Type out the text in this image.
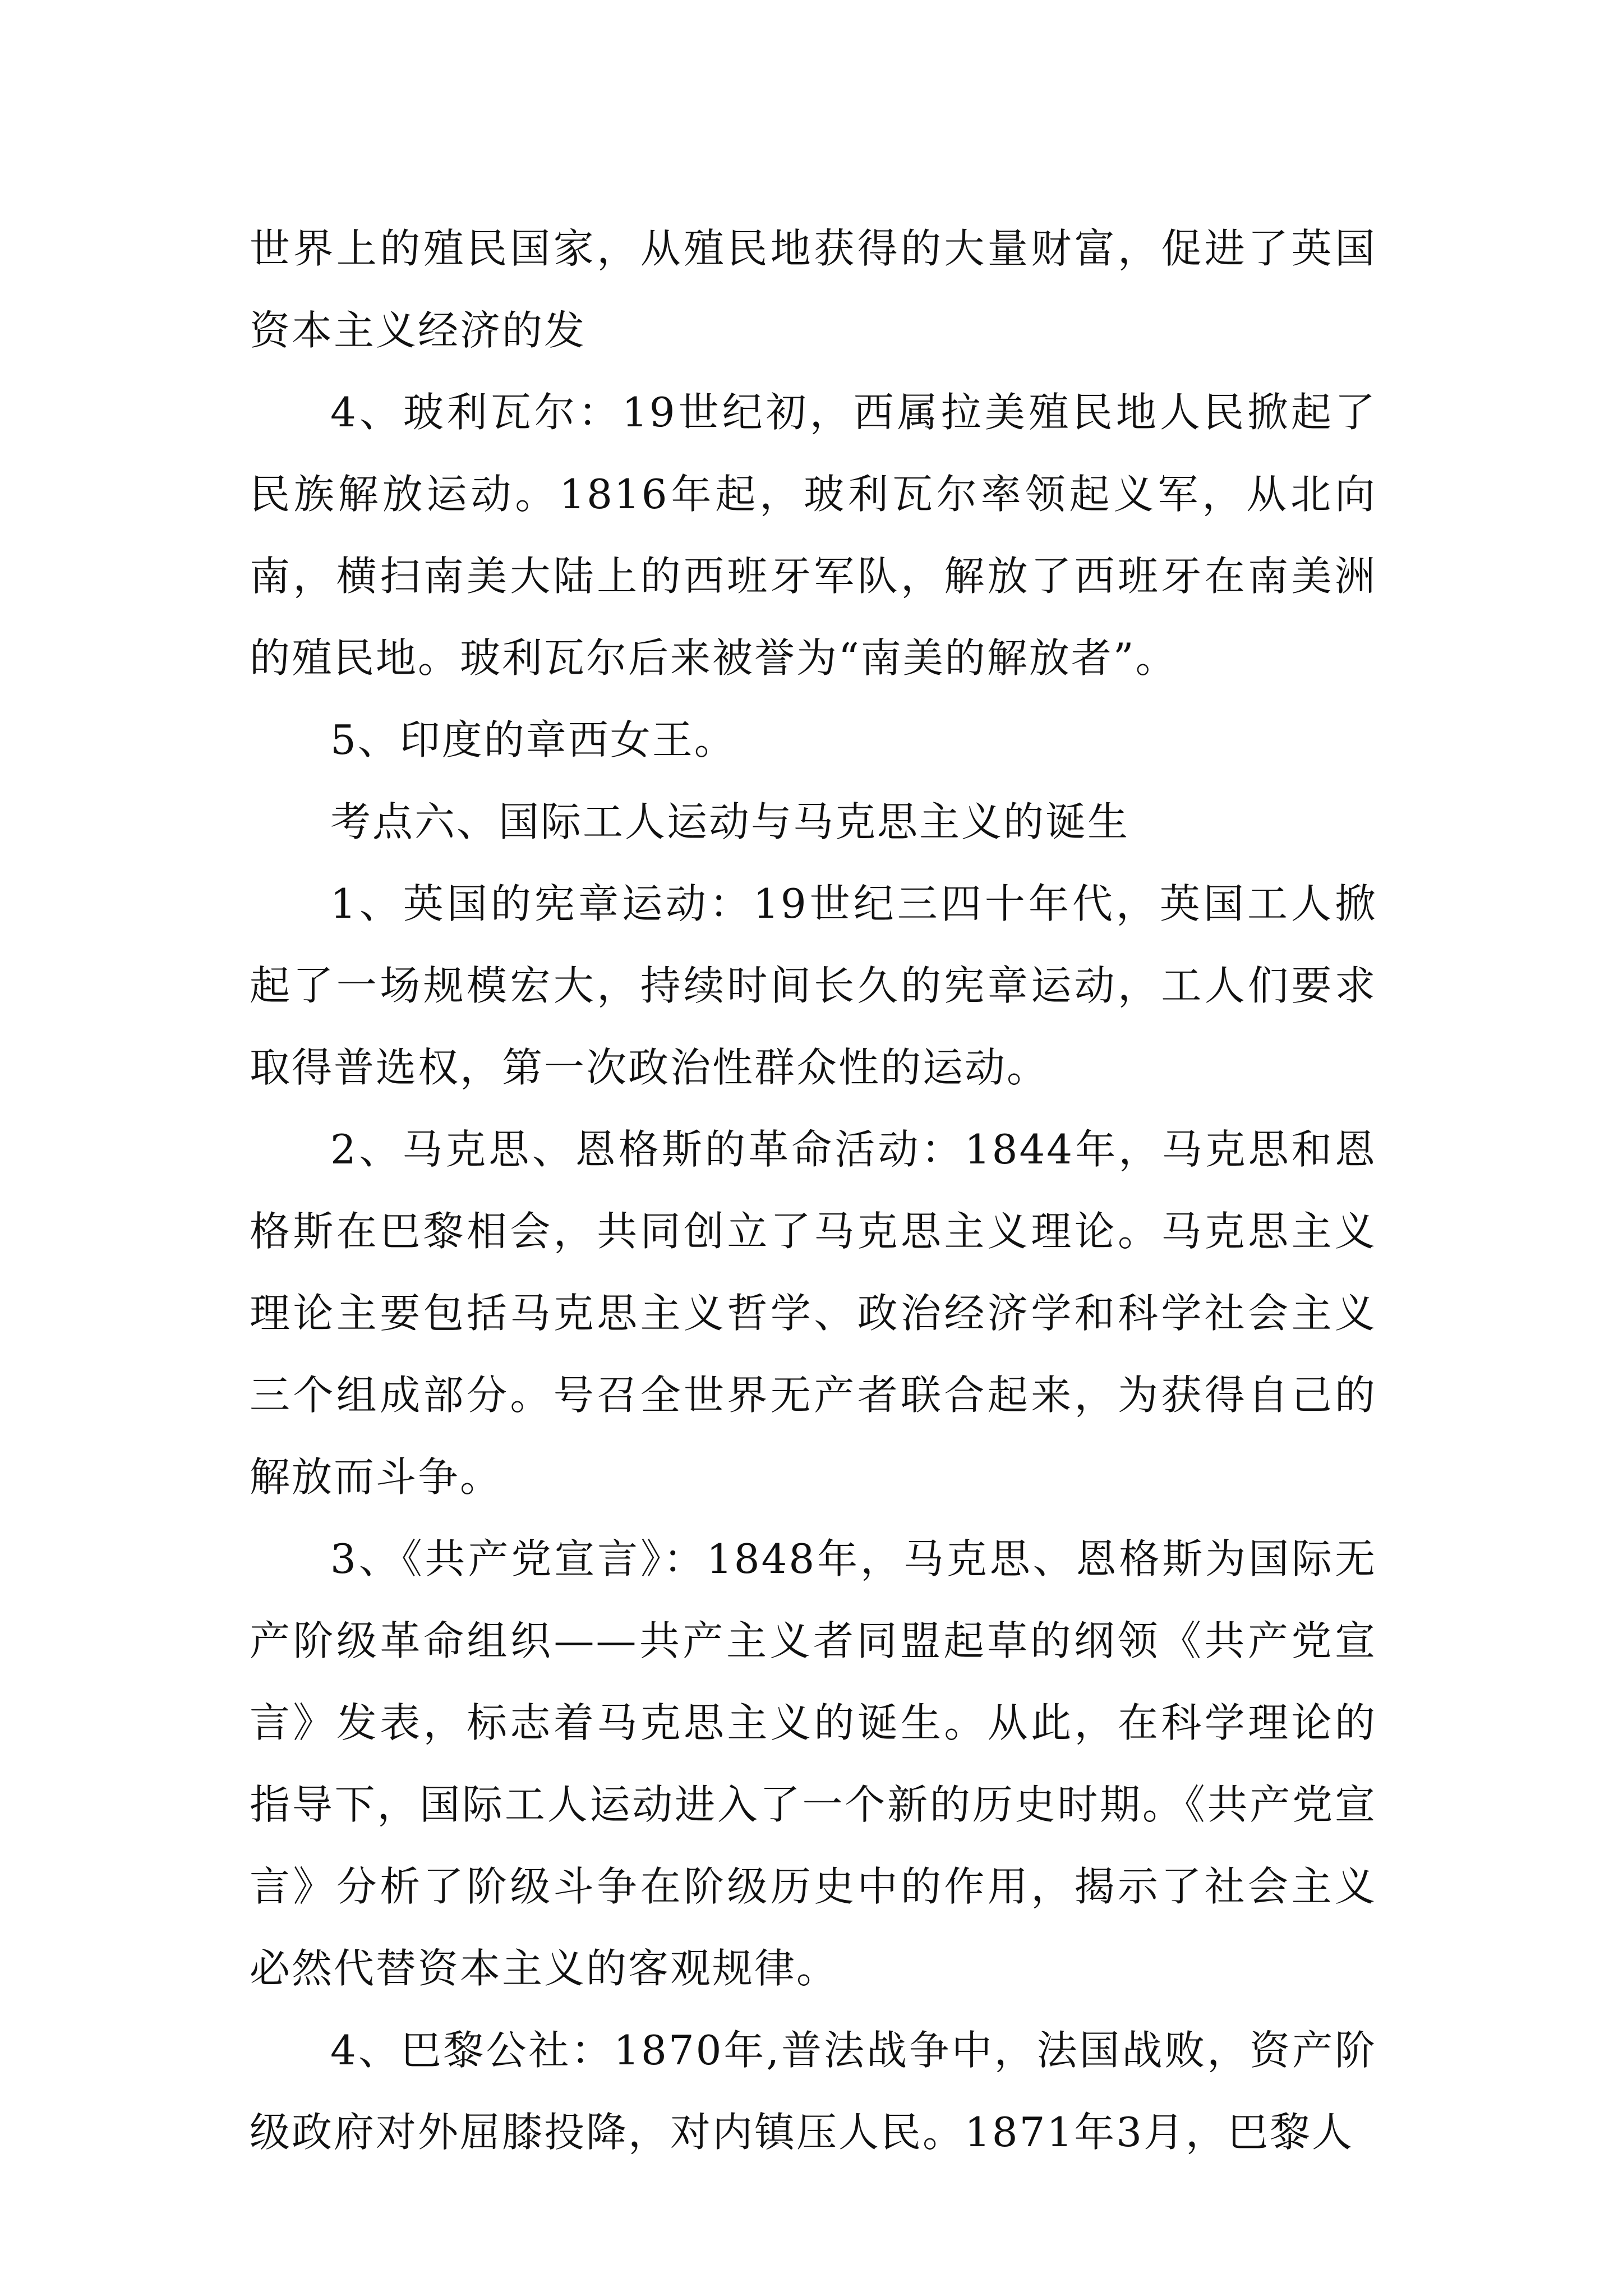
世界上的殖民国家，从殖民地获得的大量财富，促进了英国资本主义经济的发

4、玻利瓦尔：19世纪初，西属拉美殖民地人民掀起了民族解放运动。1816年起，玻利瓦尔率领起义军，从北向南，横扫南美大陆上的西班牙军队，解放了西班牙在南美洲的殖民地。玻利瓦尔后来被誉为“南美的解放者”。

5、印度的章西女王。

考点六、国际工人运动与马克思主义的诞生

1、英国的宪章运动：19世纪三四十年代，英国工人掀起了一场规模宏大，持续时间长久的宪章运动，工人们要求取得普选权，第一次政治性群众性的运动。

2、马克思、恩格斯的革命活动：1844年，马克思和恩格斯在巴黎相会，共同创立了马克思主义理论。马克思主义理论主要包括马克思主义哲学、政治经济学和科学社会主义三个组成部分。号召全世界无产者联合起来，为获得自己的解放而斗争。

3、《共产党宣言》：1848年，马克思、恩格斯为国际无产阶级革命组织——共产主义者同盟起草的纲领《共产党宣言》发表，标志着马克思主义的诞生。从此，在科学理论的指导下，国际工人运动进入了一个新的历史时期。《共产党宣言》分析了阶级斗争在阶级历史中的作用，揭示了社会主义必然代替资本主义的客观规律。

4、巴黎公社：1870年,普法战争中，法国战败，资产阶级政府对外屈膝投降，对内镇压人民。1871年3月，巴黎人
